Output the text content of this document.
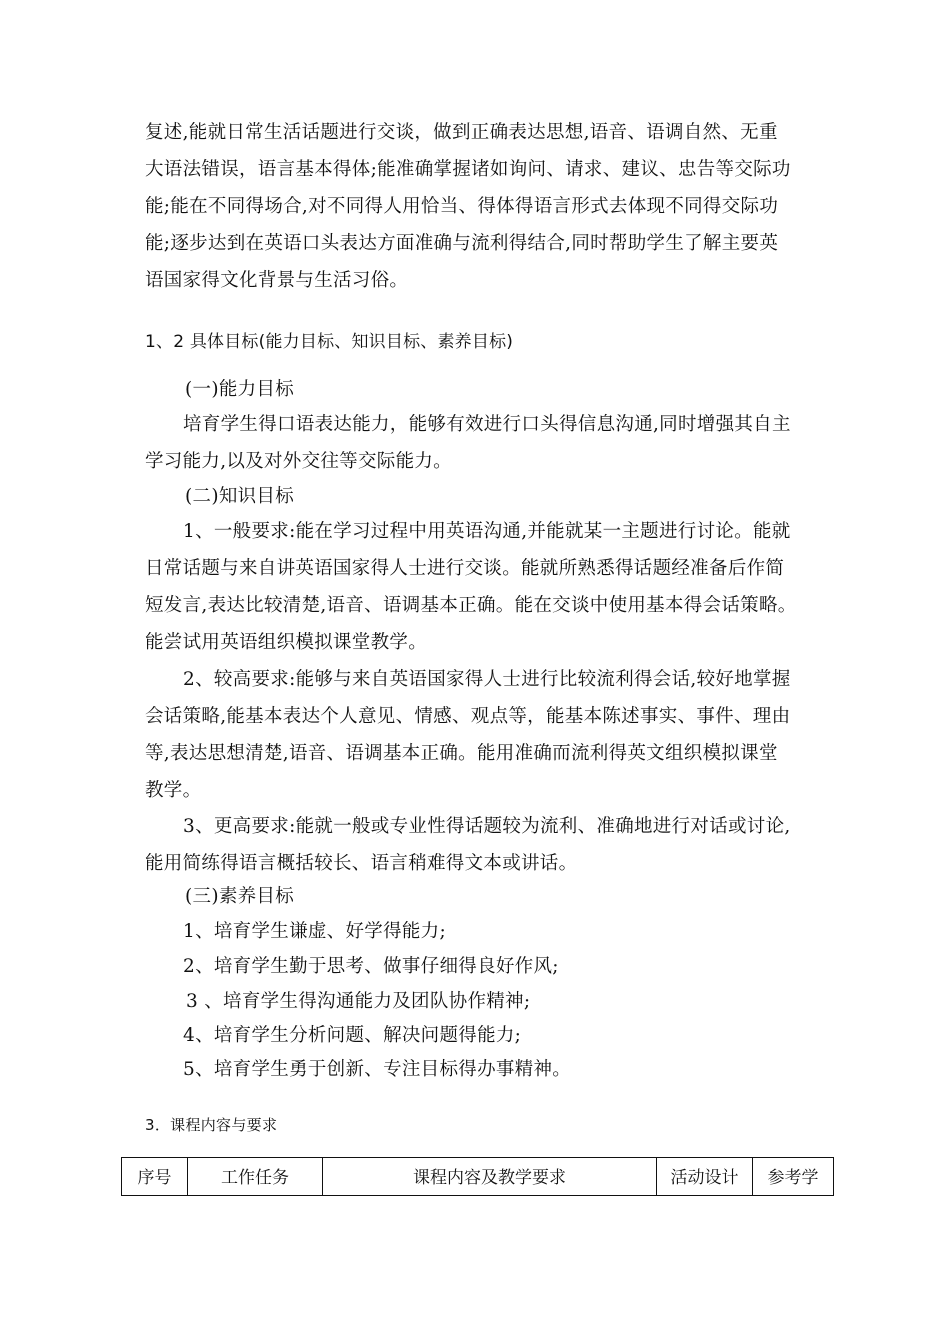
复述,能就日常生活话题进行交谈，做到正确表达思想,语音、语调自然、无重
大语法错误，语言基本得体;能准确掌握诸如询问、请求、建议、忠告等交际功
能;能在不同得场合,对不同得人用恰当、得体得语言形式去体现不同得交际功
能;逐步达到在英语口头表达方面准确与流利得结合,同时帮助学生了解主要英
语国家得文化背景与生活习俗。
1、2 具体目标(能力目标、知识目标、素养目标)
(一)能力目标
培育学生得口语表达能力，能够有效进行口头得信息沟通,同时增强其自主
学习能力,以及对外交往等交际能力。
(二)知识目标
1、一般要求:能在学习过程中用英语沟通,并能就某一主题进行讨论。能就
日常话题与来自讲英语国家得人士进行交谈。能就所熟悉得话题经准备后作简
短发言,表达比较清楚,语音、语调基本正确。能在交谈中使用基本得会话策略。
能尝试用英语组织模拟课堂教学。
2、较高要求:能够与来自英语国家得人士进行比较流利得会话,较好地掌握
会话策略,能基本表达个人意见、情感、观点等，能基本陈述事实、事件、理由
等,表达思想清楚,语音、语调基本正确。能用准确而流利得英文组织模拟课堂
教学。
3、更高要求:能就一般或专业性得话题较为流利、准确地进行对话或讨论,
能用简练得语言概括较长、语言稍难得文本或讲话。
(三)素养目标
1、培育学生谦虚、好学得能力;
2、培育学生勤于思考、做事仔细得良好作风;
3 、培育学生得沟通能力及团队协作精神;
4、培育学生分析问题、解决问题得能力;
5、培育学生勇于创新、专注目标得办事精神。
3．课程内容与要求
序号	工作任务	课程内容及教学要求	活动设计	参考学
